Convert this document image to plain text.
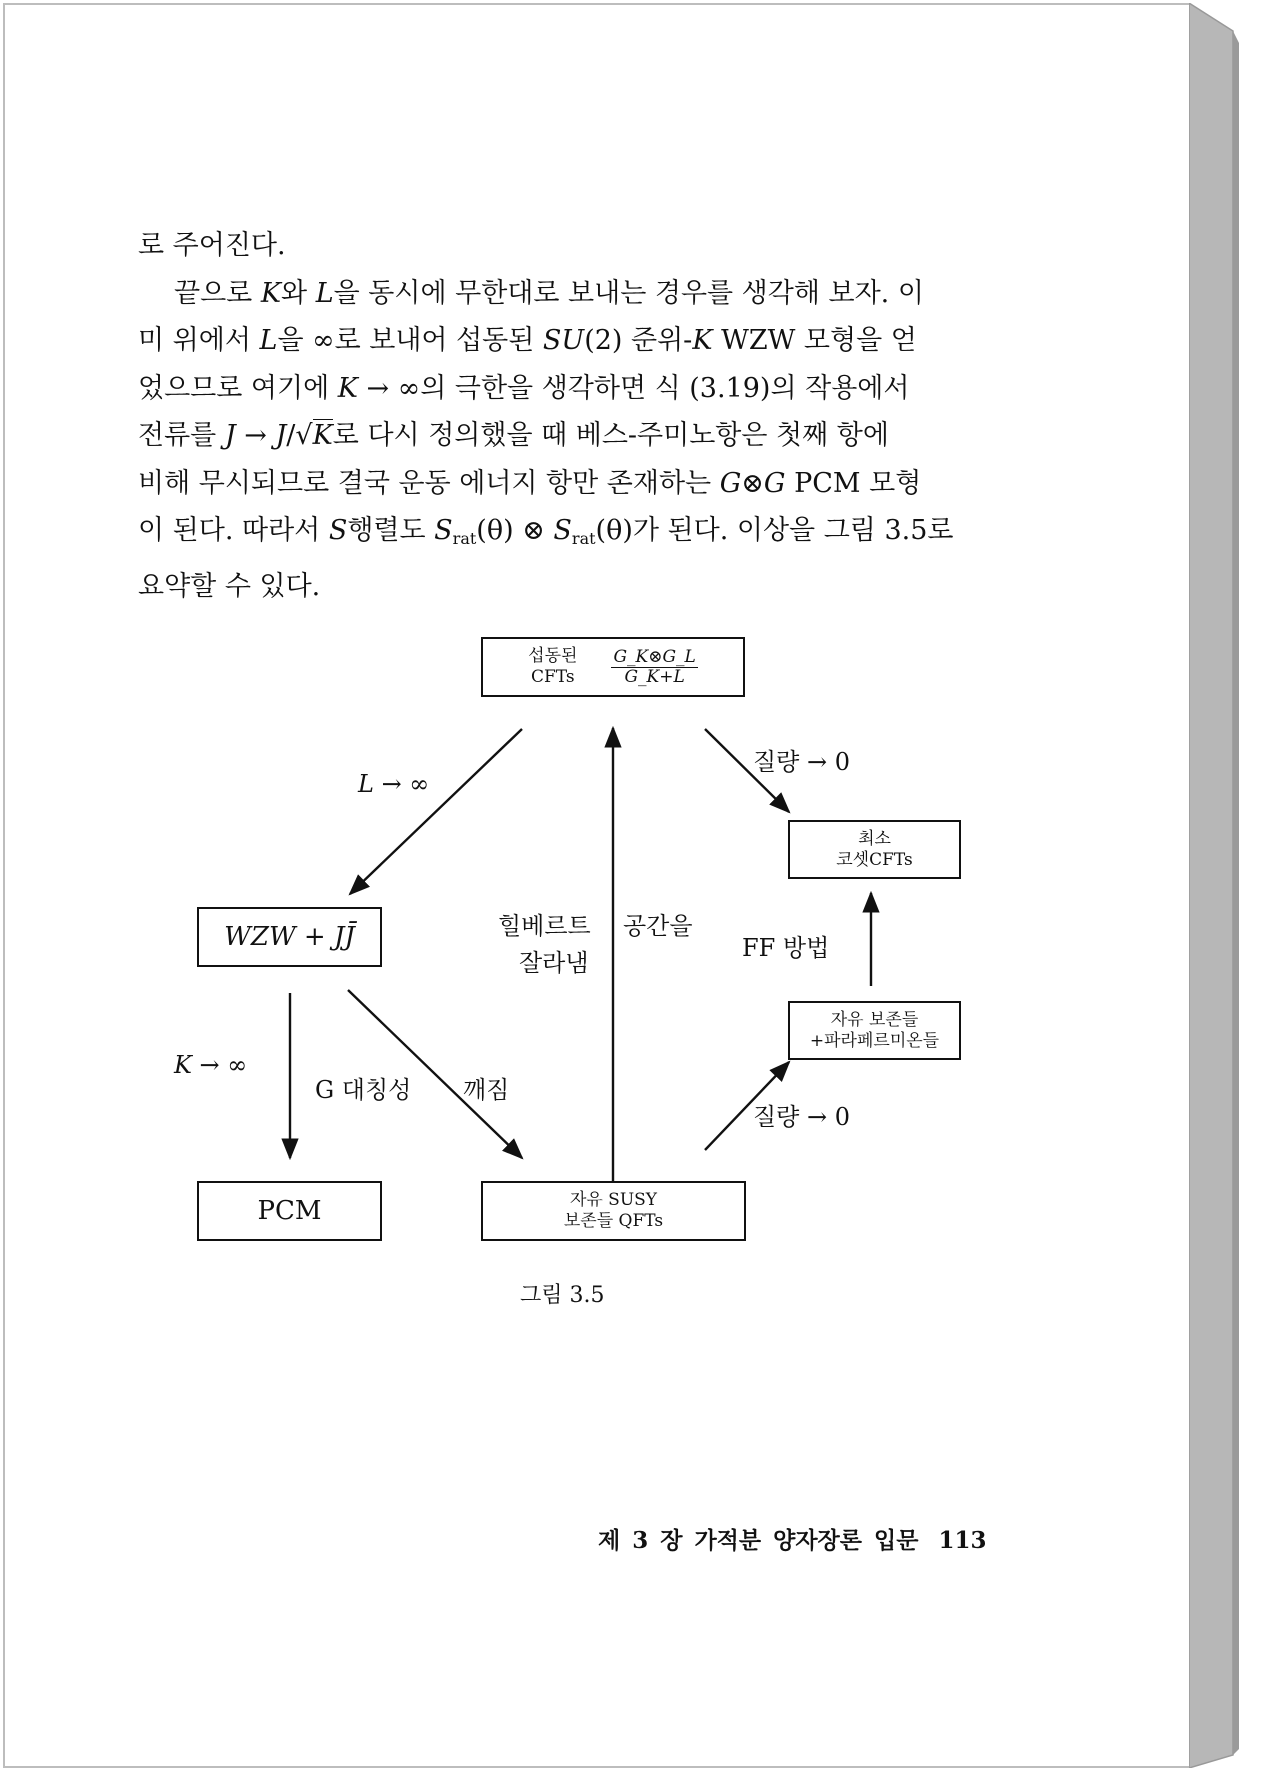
로 주어진다.

끝으로 K와 L을 동시에 무한대로 보내는 경우를 생각해 보자. 이

미 위에서 L을 ∞로 보내어 섭동된 SU(2) 준위-K WZW 모형을 얻

었으므로 여기에 K → ∞의 극한을 생각하면 식 (3.19)의 작용에서

전류를 J → J/√K로 다시 정의했을 때 베스-주미노항은 첫째 항에

비해 무시되므로 결국 운동 에너지 항만 존재하는 G⊗G PCM 모형

이 된다. 따라서 S행렬도 $S_{rat}(\theta)$ ⊗ $S_{rat}(\theta)$가 된다. 이상을 그림 3.5로

요약할 수 있다.

섭동된
CFTs $\frac{G\_K\otimes G\_L}{G\_K+L}$
WZW + JJ̄
PCM	자유 SUSY
보존들 QFTs
최소
코셋CFTs
자유 보존들
+파라페르미온들
L → ∞
K → ∞
질량 → 0
질량 → 0
힐베르트
잘라냄
공간을
FF 방법
G 대칭성 깨짐
그림 3.5
제 3 장 가적분 양자장론 입문 113
